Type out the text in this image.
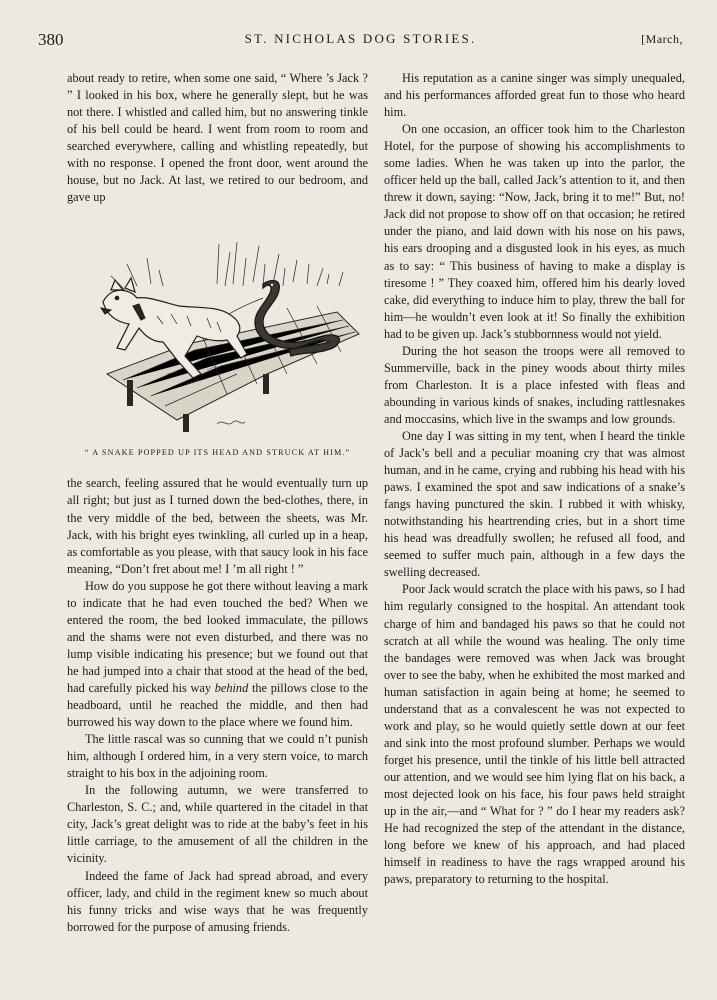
380	ST. NICHOLAS DOG STORIES.	[March,

about ready to retire, when some one said, “ Where ’s Jack ? ” I looked in his box, where he generally slept, but he was not there. I whistled and called him, but no answering tinkle of his bell could be heard. I went from room to room and searched everywhere, calling and whistling repeatedly, but with no response. I opened the front door, went around the house, but no Jack. At last, we retired to our bedroom, and gave up

“ A SNAKE POPPED UP ITS HEAD AND STRUCK AT HIM.”

the search, feeling assured that he would eventually turn up all right; but just as I turned down the bed-clothes, there, in the very middle of the bed, between the sheets, was Mr. Jack, with his bright eyes twinkling, all curled up in a heap, as comfortable as you please, with that saucy look in his face meaning, “Don’t fret about me! I ’m all right ! ”

How do you suppose he got there without leaving a mark to indicate that he had even touched the bed? When we entered the room, the bed looked immaculate, the pillows and the shams were not even disturbed, and there was no lump visible indicating his presence; but we found out that he had jumped into a chair that stood at the head of the bed, had carefully picked his way behind the pillows close to the headboard, until he reached the middle, and then had burrowed his way down to the place where we found him.

The little rascal was so cunning that we could n’t punish him, although I ordered him, in a very stern voice, to march straight to his box in the adjoining room.

In the following autumn, we were transferred to Charleston, S. C.; and, while quartered in the citadel in that city, Jack’s great delight was to ride at the baby’s feet in his little carriage, to the amusement of all the children in the vicinity.

Indeed the fame of Jack had spread abroad, and every officer, lady, and child in the regiment knew so much about his funny tricks and wise ways that he was frequently borrowed for the purpose of amusing friends.

His reputation as a canine singer was simply unequaled, and his performances afforded great fun to those who heard him.

On one occasion, an officer took him to the Charleston Hotel, for the purpose of showing his accomplishments to some ladies. When he was taken up into the parlor, the officer held up the ball, called Jack’s attention to it, and then threw it down, saying: “Now, Jack, bring it to me!” But, no! Jack did not propose to show off on that occasion; he retired under the piano, and laid down with his nose on his paws, his ears drooping and a disgusted look in his eyes, as much as to say: “ This business of having to make a display is tiresome ! ” They coaxed him, offered him his dearly loved cake, did everything to induce him to play, threw the ball for him—he wouldn’t even look at it! So finally the exhibition had to be given up. Jack’s stubbornness would not yield.

During the hot season the troops were all removed to Summerville, back in the piney woods about thirty miles from Charleston. It is a place infested with fleas and abounding in various kinds of snakes, including rattlesnakes and moccasins, which live in the swamps and low grounds.

One day I was sitting in my tent, when I heard the tinkle of Jack’s bell and a peculiar moaning cry that was almost human, and in he came, crying and rubbing his head with his paws. I examined the spot and saw indications of a snake’s fangs having punctured the skin. I rubbed it with whisky, notwithstanding his heartrending cries, but in a short time his head was dreadfully swollen; he refused all food, and seemed to suffer much pain, although in a few days the swelling decreased.

Poor Jack would scratch the place with his paws, so I had him regularly consigned to the hospital. An attendant took charge of him and bandaged his paws so that he could not scratch at all while the wound was healing. The only time the bandages were removed was when Jack was brought over to see the baby, when he exhibited the most marked and human satisfaction in again being at home; he seemed to understand that as a convalescent he was not expected to work and play, so he would quietly settle down at our feet and sink into the most profound slumber. Perhaps we would forget his presence, until the tinkle of his little bell attracted our attention, and we would see him lying flat on his back, a most dejected look on his face, his four paws held straight up in the air,—and “ What for ? ” do I hear my readers ask? He had recognized the step of the attendant in the distance, long before we knew of his approach, and had placed himself in readiness to have the rags wrapped around his paws, preparatory to returning to the hospital.
